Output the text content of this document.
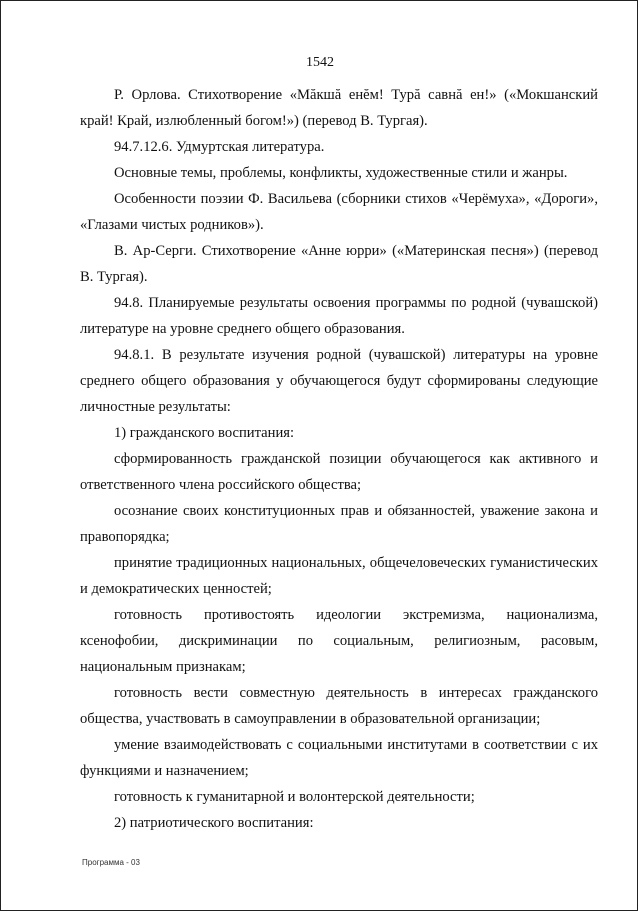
1542

Р. Орлова. Стихотворение «Мăкшă енĕм! Турă савнă ен!» («Мокшанский край! Край, излюбленный богом!») (перевод В. Тургая).

94.7.12.6. Удмуртская литература.

Основные темы, проблемы, конфликты, художественные стили и жанры.

Особенности поэзии Ф. Васильева (сборники стихов «Черёмуха», «Дороги», «Глазами чистых родников»).

В. Ар-Серги. Стихотворение «Анне юрри» («Материнская песня») (перевод В. Тургая).

94.8. Планируемые результаты освоения программы по родной (чувашской) литературе на уровне среднего общего образования.

94.8.1. В результате изучения родной (чувашской) литературы на уровне среднего общего образования у обучающегося будут сформированы следующие личностные результаты:

1) гражданского воспитания:

сформированность гражданской позиции обучающегося как активного и ответственного члена российского общества;

осознание своих конституционных прав и обязанностей, уважение закона и правопорядка;

принятие традиционных национальных, общечеловеческих гуманистических и демократических ценностей;

готовность противостоять идеологии экстремизма, национализма, ксенофобии, дискриминации по социальным, религиозным, расовым, национальным признакам;

готовность вести совместную деятельность в интересах гражданского общества, участвовать в самоуправлении в образовательной организации;

умение взаимодействовать с социальными институтами в соответствии с их функциями и назначением;

готовность к гуманитарной и волонтерской деятельности;

2) патриотического воспитания:

Программа - 03
